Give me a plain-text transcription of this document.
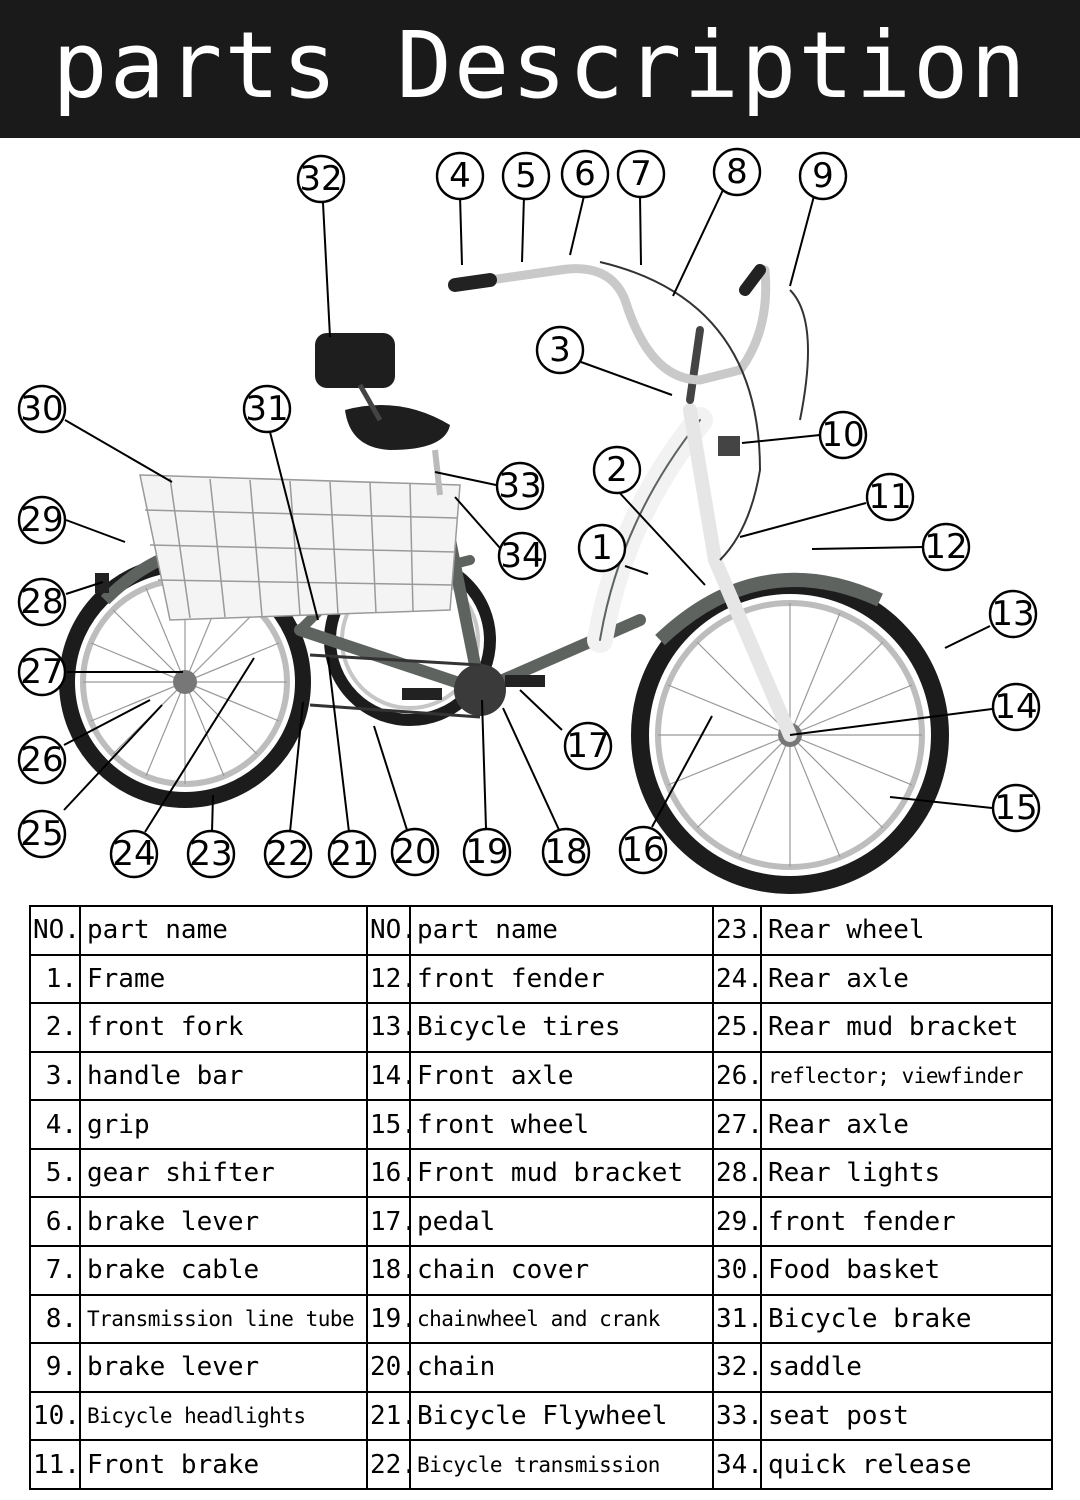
parts Description
1
2
3
4 5 6 7 8 9
10
11
12
13
14
15
16
17
18
19
20
21
22
23
24
25
26
27
28
29
30	31
32
33
34
NO.	part name	NO.	part name	23.	Rear wheel
1.	Frame	12.	front fender	24.	Rear axle
2.	front fork	13.	Bicycle tires	25.	Rear mud bracket
3.	handle bar	14.	Front axle	26.	reflector; viewfinder
4.	grip	15.	front wheel	27.	Rear axle
5.	gear shifter	16.	Front mud bracket	28.	Rear lights
6.	brake lever	17.	pedal	29.	front fender
7.	brake cable	18.	chain cover	30.	Food basket
8.	Transmission line tube	19.	chainwheel and crank	31.	Bicycle brake
9.	brake lever	20.	chain	32.	saddle
10.	Bicycle headlights	21.	Bicycle Flywheel	33.	seat post
11.	Front brake	22.	Bicycle transmission	34.	quick release
